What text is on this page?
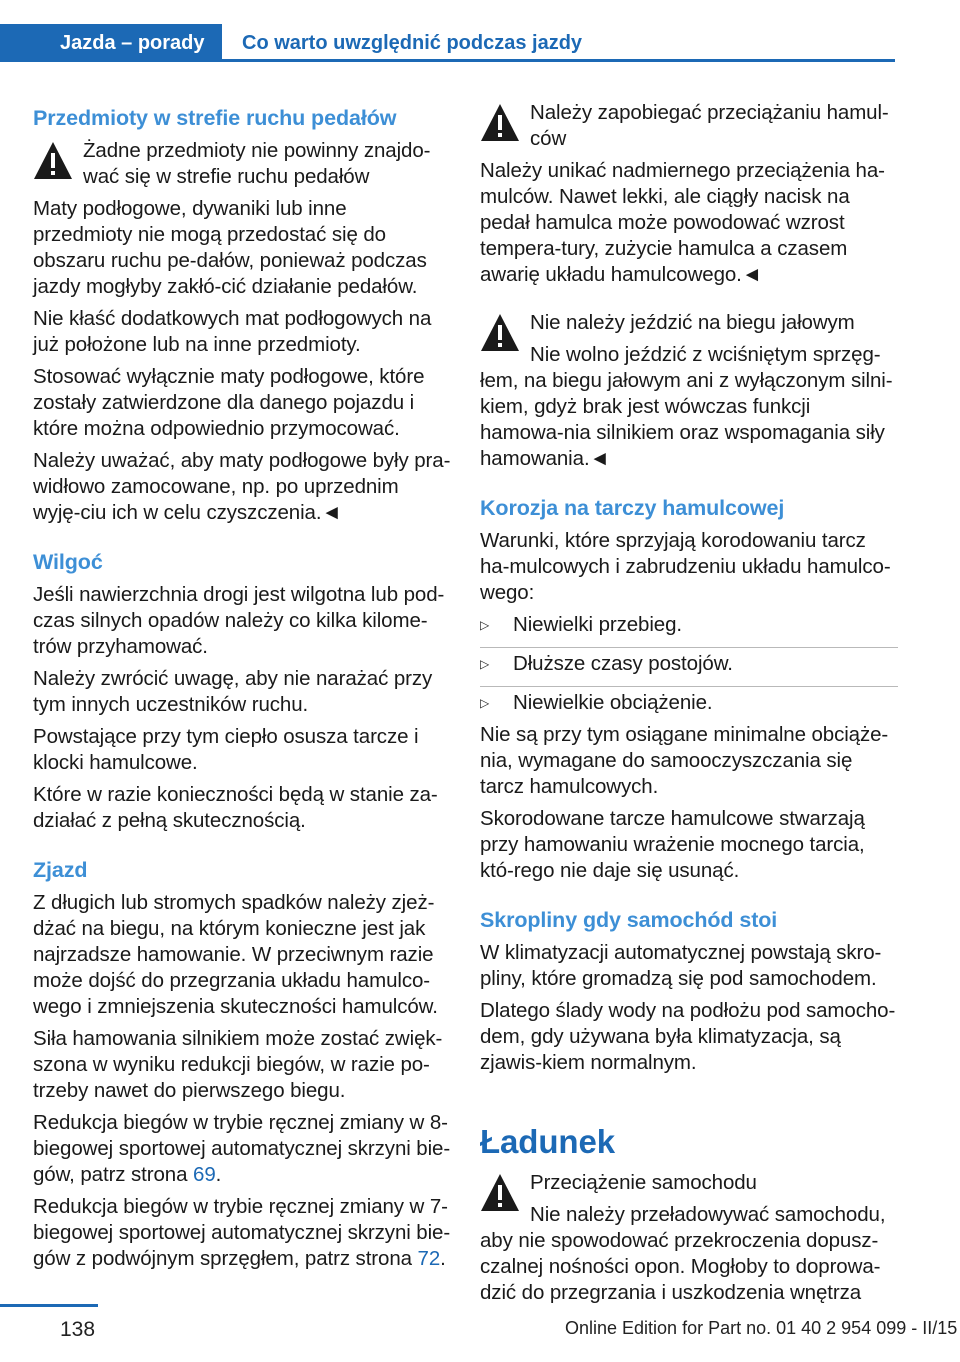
Jazda – porady	Co warto uwzględnić podczas jazdy
Przedmioty w strefie ruchu pedałów
Żadne przedmioty nie powinny znajdo-wać się w strefie ruchu pedałów

Maty podłogowe, dywaniki lub inne przedmioty nie mogą przedostać się do obszaru ruchu pe-dałów, ponieważ podczas jazdy mogłyby zakłó-cić działanie pedałów.

Nie kłaść dodatkowych mat podłogowych na już położone lub na inne przedmioty.

Stosować wyłącznie maty podłogowe, które zostały zatwierdzone dla danego pojazdu i które można odpowiednio przymocować.

Należy uważać, aby maty podłogowe były pra-widłowo zamocowane, np. po uprzednim wyję-ciu ich w celu czyszczenia.◄

Wilgoć

Jeśli nawierzchnia drogi jest wilgotna lub pod-czas silnych opadów należy co kilka kilome-trów przyhamować.

Należy zwrócić uwagę, aby nie narażać przy tym innych uczestników ruchu.

Powstające przy tym ciepło osusza tarcze i klocki hamulcowe.

Które w razie konieczności będą w stanie za-działać z pełną skutecznością.

Zjazd

Z długich lub stromych spadków należy zjeż-dżać na biegu, na którym konieczne jest jak najrzadsze hamowanie. W przeciwnym razie może dojść do przegrzania układu hamulco-wego i zmniejszenia skuteczności hamulców.

Siła hamowania silnikiem może zostać zwięk-szona w wyniku redukcji biegów, w razie po-trzeby nawet do pierwszego biegu.

Redukcja biegów w trybie ręcznej zmiany w 8-biegowej sportowej automatycznej skrzyni bie-gów, patrz strona 69.

Redukcja biegów w trybie ręcznej zmiany w 7-biegowej sportowej automatycznej skrzyni bie-gów z podwójnym sprzęgłem, patrz strona 72.

Należy zapobiegać przeciążaniu hamul-ców

Należy unikać nadmiernego przeciążenia ha-mulców. Nawet lekki, ale ciągły nacisk na pedał hamulca może powodować wzrost tempera-tury, zużycie hamulca a czasem awarię układu hamulcowego.◄

Nie należy jeździć na biegu jałowym

Nie wolno jeździć z wciśniętym sprzęg-łem, na biegu jałowym ani z wyłączonym silni-kiem, gdyż brak jest wówczas funkcji hamowa-nia silnikiem oraz wspomagania siły hamowania.◄

Korozja na tarczy hamulcowej

Warunki, które sprzyjają korodowaniu tarcz ha-mulcowych i zabrudzeniu układu hamulco-wego:

▷	Niewielki przebieg.
▷	Dłuższe czasy postojów.
▷	Niewielkie obciążenie.

Nie są przy tym osiągane minimalne obciąże-nia, wymagane do samooczyszczania się tarcz hamulcowych.

Skorodowane tarcze hamulcowe stwarzają przy hamowaniu wrażenie mocnego tarcia, któ-rego nie daje się usunąć.

Skropliny gdy samochód stoi

W klimatyzacji automatycznej powstają skro-pliny, które gromadzą się pod samochodem.

Dlatego ślady wody na podłożu pod samocho-dem, gdy używana była klimatyzacja, są zjawis-kiem normalnym.

Ładunek
Przeciążenie samochodu

Nie należy przeładowywać samochodu, aby nie spowodować przekroczenia dopusz-czalnej nośności opon. Mogłoby to doprowa-dzić do przegrzania i uszkodzenia wnętrza

138	Online Edition for Part no. 01 40 2 954 099 - II/15
